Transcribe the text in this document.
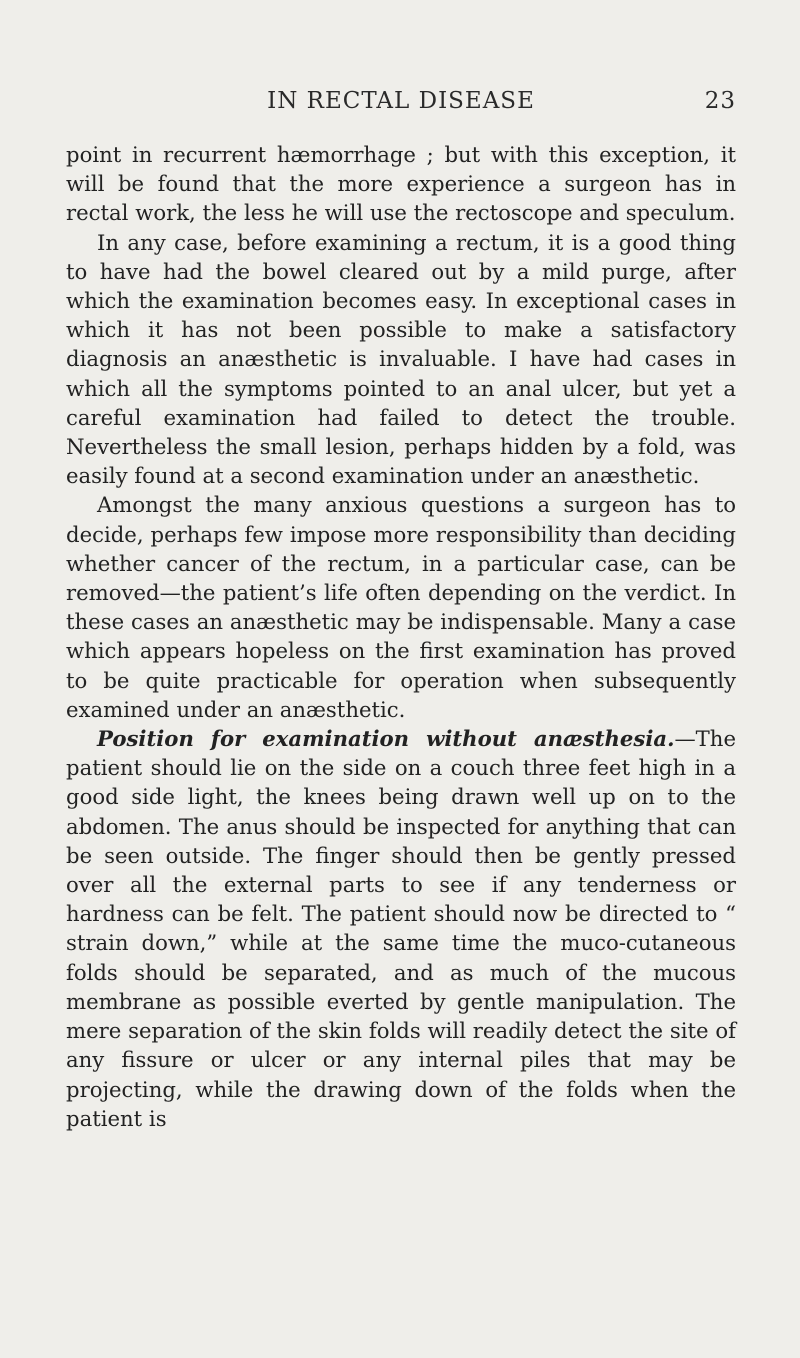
IN RECTAL DISEASE	23

point in recurrent hæmorrhage ; but with this exception, it will be found that the more experience a surgeon has in rectal work, the less he will use the rectoscope and speculum.

In any case, before examining a rectum, it is a good thing to have had the bowel cleared out by a mild purge, after which the examination becomes easy. In exceptional cases in which it has not been possible to make a satisfactory diagnosis an anæsthetic is invaluable. I have had cases in which all the symptoms pointed to an anal ulcer, but yet a careful examination had failed to detect the trouble. Nevertheless the small lesion, perhaps hidden by a fold, was easily found at a second examination under an anæsthetic.

Amongst the many anxious questions a surgeon has to decide, perhaps few impose more responsibility than deciding whether cancer of the rectum, in a particular case, can be removed—the patient’s life often depending on the verdict. In these cases an anæsthetic may be indispensable. Many a case which appears hopeless on the first examination has proved to be quite practicable for operation when subsequently examined under an anæsthetic.

Position for examination without anæsthesia.—The patient should lie on the side on a couch three feet high in a good side light, the knees being drawn well up on to the abdomen. The anus should be inspected for anything that can be seen outside. The finger should then be gently pressed over all the external parts to see if any tenderness or hardness can be felt. The patient should now be directed to “ strain down,” while at the same time the muco-cutaneous folds should be separated, and as much of the mucous membrane as possible everted by gentle manipulation. The mere separation of the skin folds will readily detect the site of any fissure or ulcer or any internal piles that may be projecting, while the drawing down of the folds when the patient is
